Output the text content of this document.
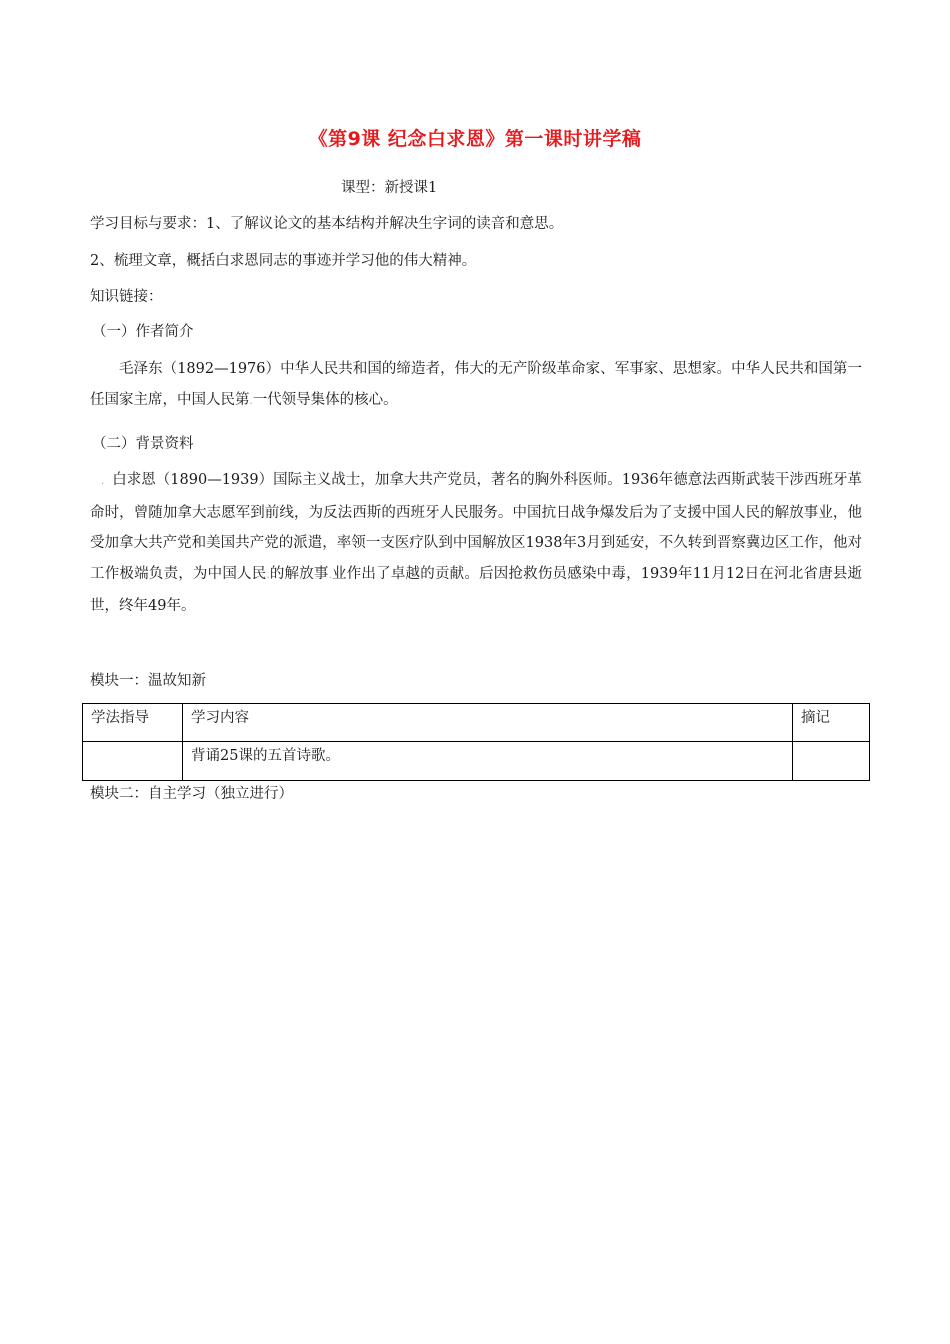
《第9课 纪念白求恩》第一课时讲学稿
课型：新授课1
学习目标与要求：1、了解议论文的基本结构并解决生字词的读音和意思。
2、梳理文章，概括白求恩同志的事迹并学习他的伟大精神。
知识链接：
（一）作者简介
毛泽东（1892—1976）中华人民共和国的缔造者，伟大的无产阶级革命家、军事家、思想家。中华人民共和国第一任国家主席，中国人民第.一代领导集体的核心。
（二）背景资料
. 白求恩（1890—1939）国际主义战士，加拿大共产党员，著名的胸外科医师。1936年德意法西斯武装干涉西班牙革命时，曾随加拿大志愿军到前线，为反法西斯的西班牙人民服务。中国抗日战争爆发后为了支援中国人民的解放事业，他受加拿大共产党和美国共产党的派遣，率领一支医疗队到中国解放区1938年3月到延安，不久转到晋察冀边区工作，他对工作极端负责，为中国人民.的解放事.业作出了卓越的贡献。后因抢救伤员感染中毒，1939年11月12日在河北省唐县逝世，终年49年。
模块一：温故知新
学法指导	学习内容	摘记
	背诵25课的五首诗歌。	
模块二：自主学习（独立进行）
